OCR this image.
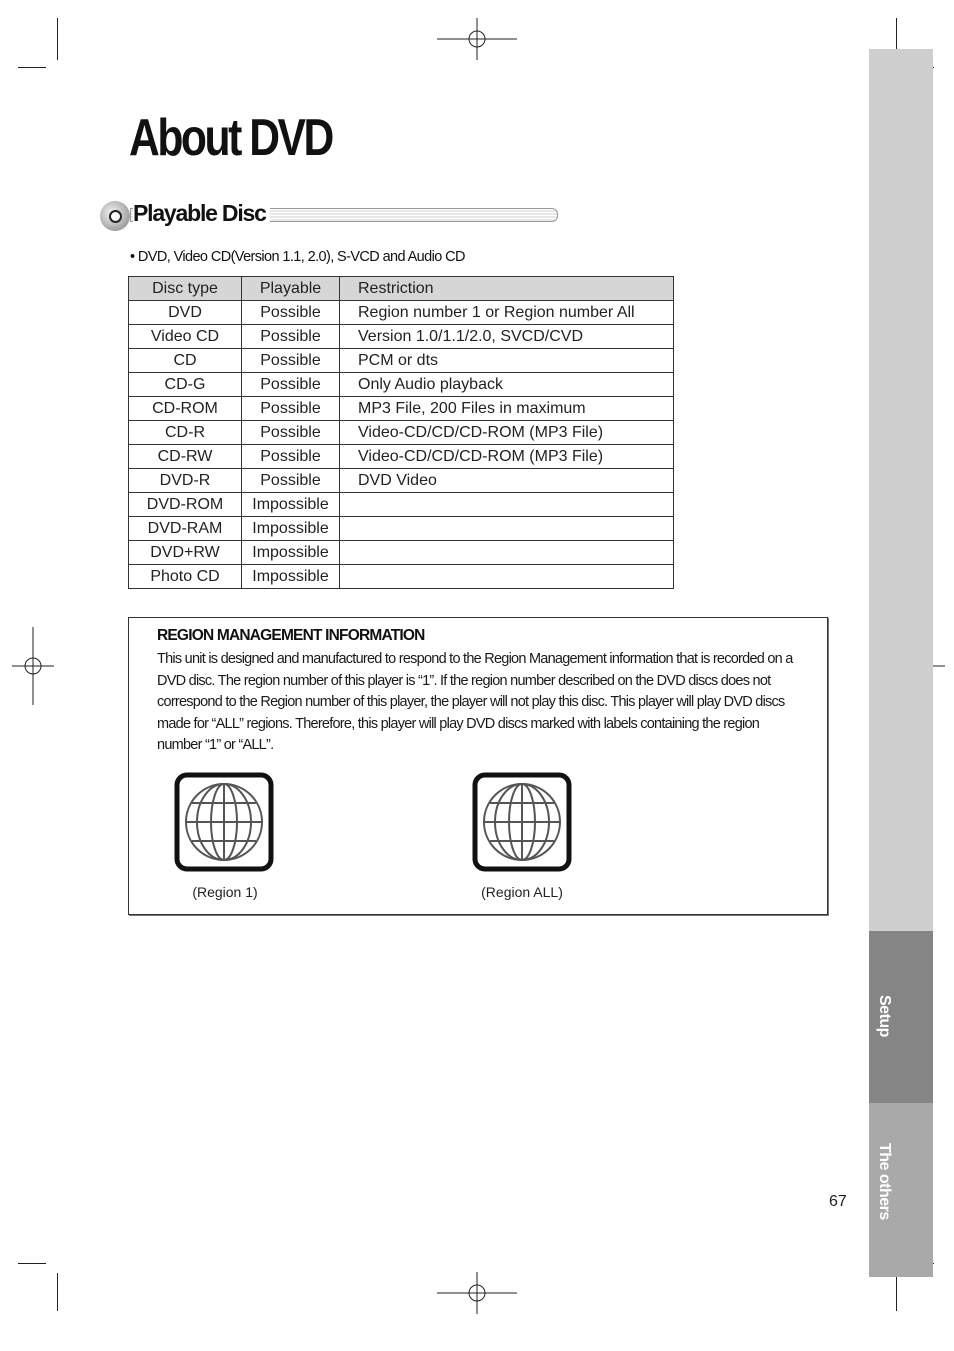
Setup
The others
About DVD
Playable Disc
• DVD, Video CD(Version 1.1, 2.0), S-VCD and Audio CD
Disc type	Playable	Restriction
DVD	Possible	Region number 1 or Region number All
Video CD	Possible	Version 1.0/1.1/2.0, SVCD/CVD
CD	Possible	PCM or dts
CD-G	Possible	Only Audio playback
CD-ROM	Possible	MP3 File, 200 Files in maximum
CD-R	Possible	Video-CD/CD/CD-ROM (MP3 File)
CD-RW	Possible	Video-CD/CD/CD-ROM (MP3 File)
DVD-R	Possible	DVD Video
DVD-ROM	Impossible	
DVD-RAM	Impossible	
DVD+RW	Impossible	
Photo CD	Impossible	
REGION MANAGEMENT INFORMATION

This unit is designed and manufactured to respond to the Region Management information that is recorded on a DVD disc. The region number of this player is “1”. If the region number described on the DVD discs does not correspond to the Region number of this player, the player will not play this disc. This player will play DVD discs made for “ALL” regions. Therefore, this player will play DVD discs marked with labels containing the region number “1” or “ALL”.

(Region 1)	(Region ALL)
67
